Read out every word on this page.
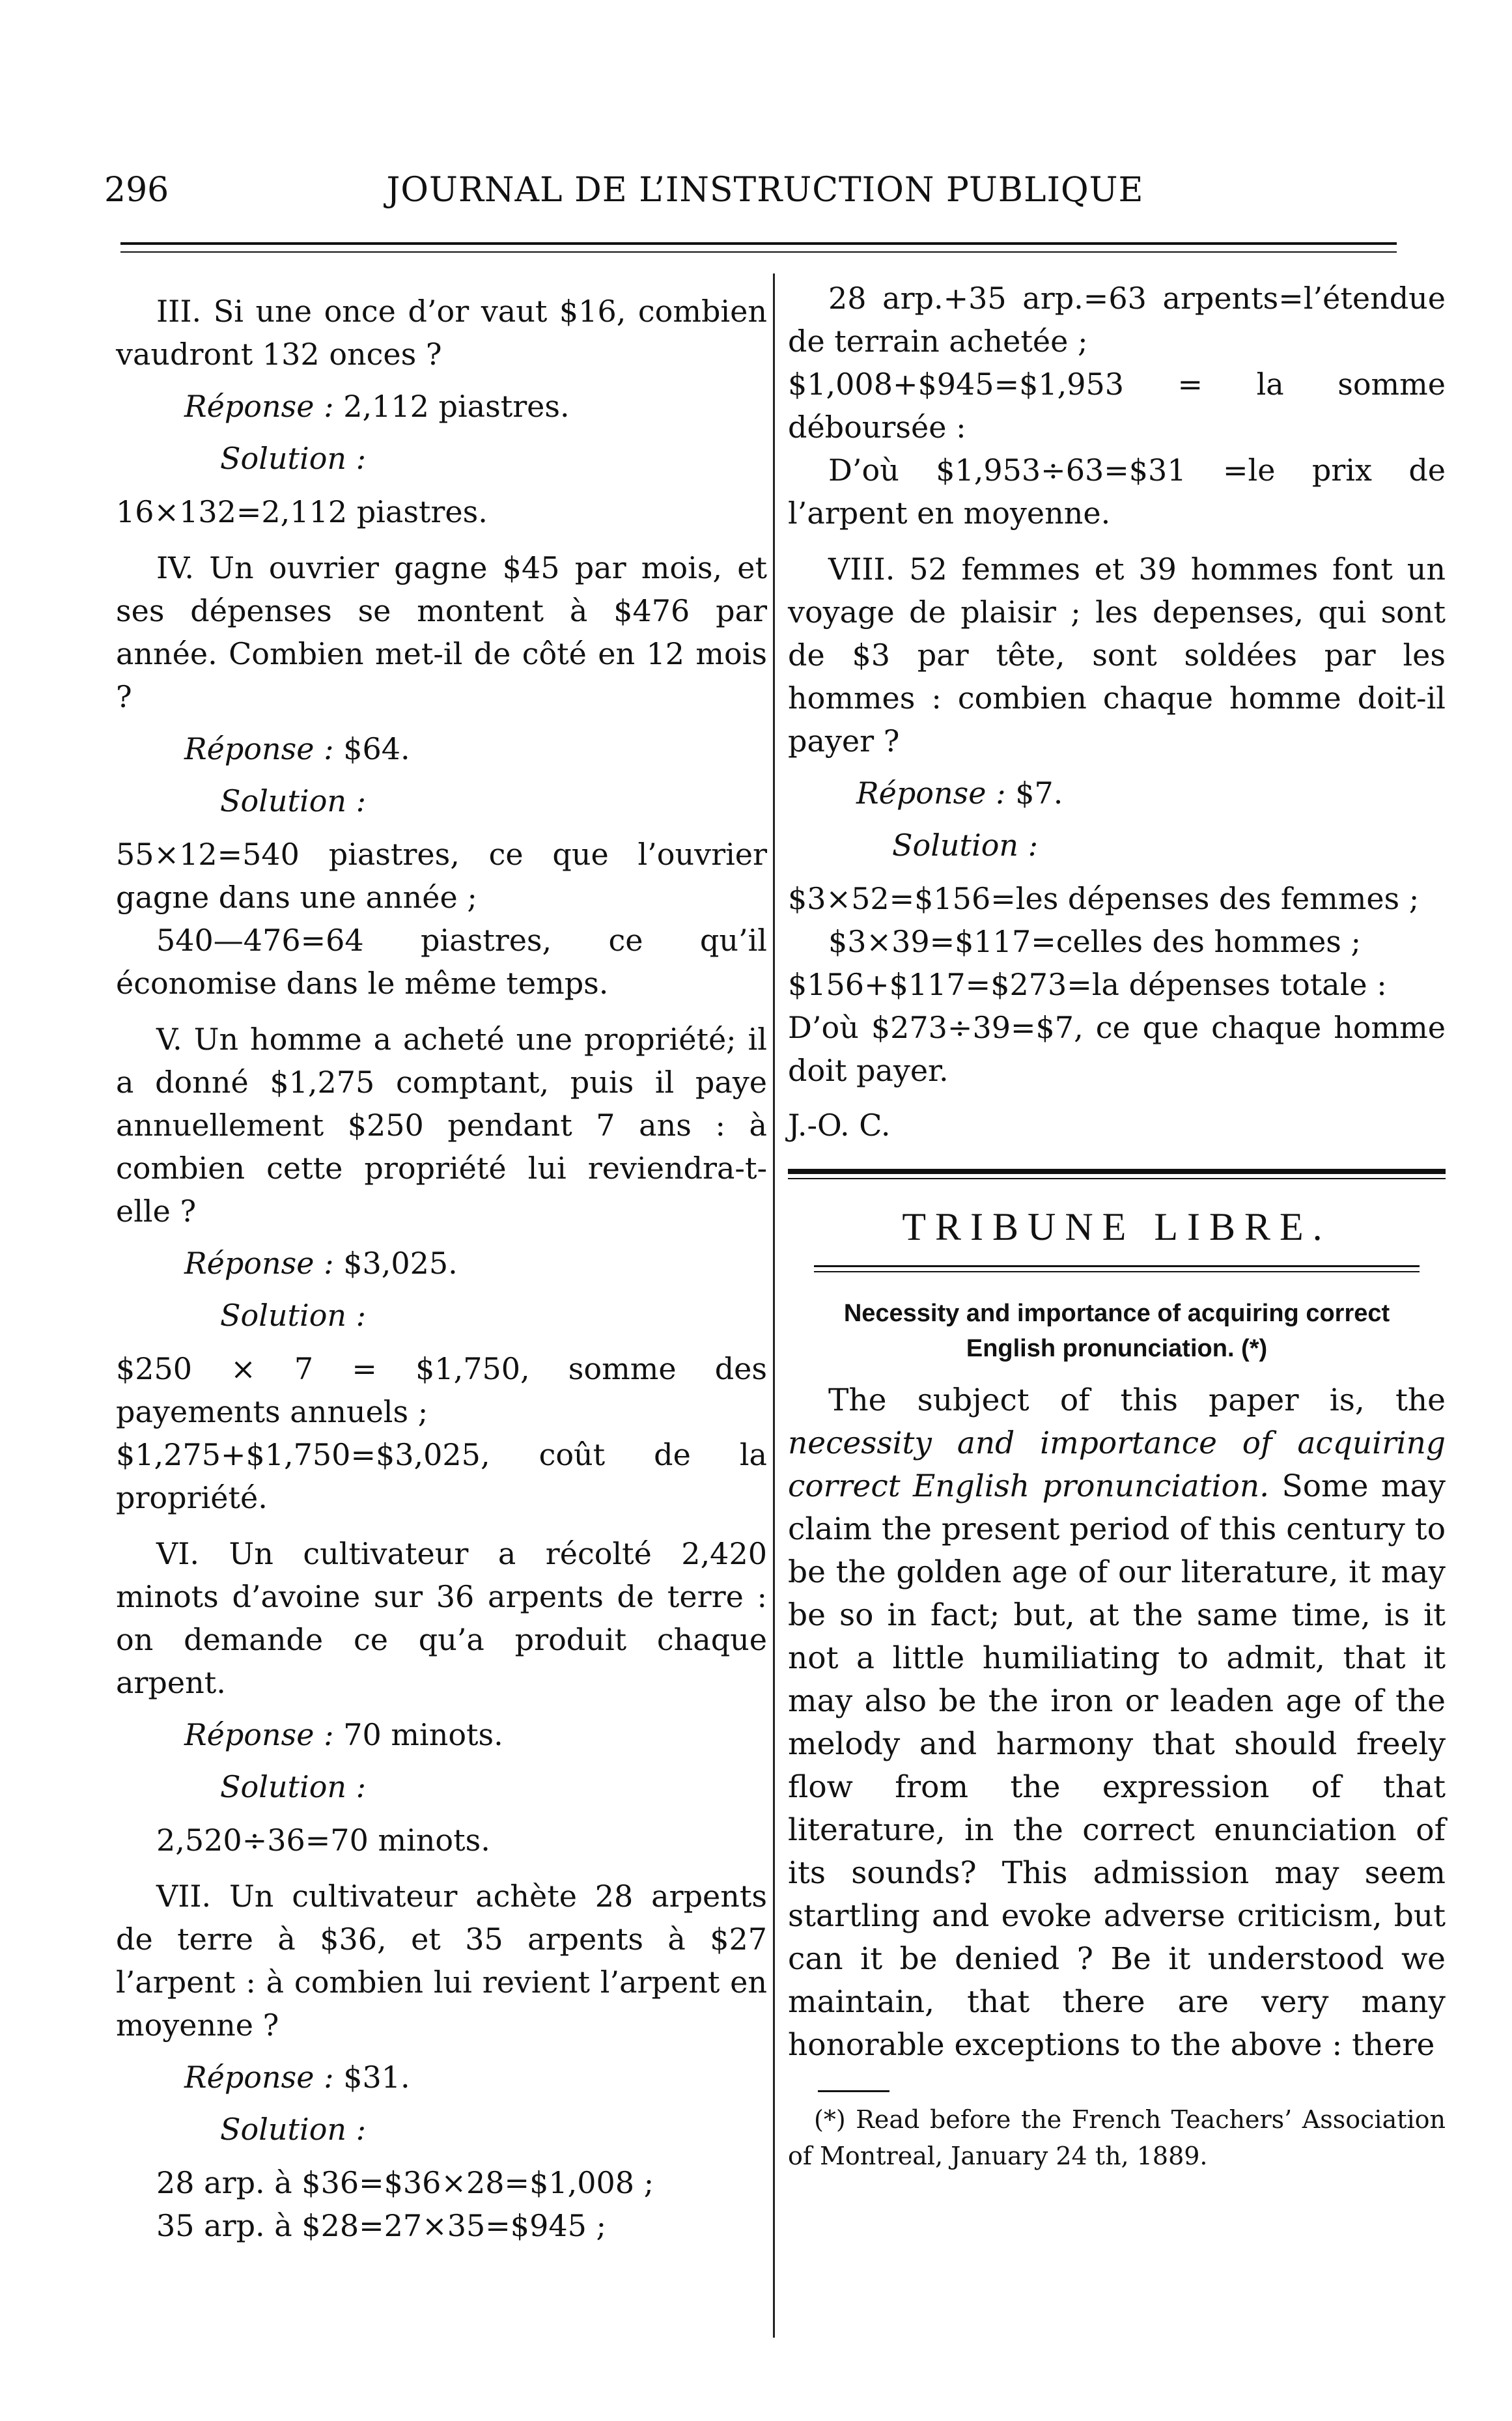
296	JOURNAL DE L’INSTRUCTION PUBLIQUE

III. Si une once d’or vaut $16, combien vaudront 132 onces ?

Réponse : 2,112 piastres.

Solution :

16×132=2,112 piastres.

IV. Un ouvrier gagne $45 par mois, et ses dépenses se montent à $476 par année. Combien met-il de côté en 12 mois ?

Réponse : $64.

Solution :

55×12=540 piastres, ce que l’ouvrier gagne dans une année ;

540—476=64 piastres, ce qu’il économise dans le même temps.

V. Un homme a acheté une propriété; il a donné $1,275 comptant, puis il paye annuellement $250 pendant 7 ans : à combien cette propriété lui reviendra-t-elle ?

Réponse : $3,025.

Solution :

$250 × 7 = $1,750, somme des payements annuels ;

$1,275+$1,750=$3,025, coût de la propriété.

VI. Un cultivateur a récolté 2,420 minots d’avoine sur 36 arpents de terre : on demande ce qu’a produit chaque arpent.

Réponse : 70 minots.

Solution :

2,520÷36=70 minots.

VII. Un cultivateur achète 28 arpents de terre à $36, et 35 arpents à $27 l’arpent : à combien lui revient l’arpent en moyenne ?

Réponse : $31.

Solution :

28 arp. à $36=$36×28=$1,008 ;

35 arp. à $28=27×35=$945 ;

28 arp.+35 arp.=63 arpents=l’étendue de terrain achetée ;

$1,008+$945=$1,953 = la somme déboursée :

D’où $1,953÷63=$31 =le prix de l’arpent en moyenne.

VIII. 52 femmes et 39 hommes font un voyage de plaisir ; les depenses, qui sont de $3 par tête, sont soldées par les hommes : combien chaque homme doit-il payer ?

Réponse : $7.

Solution :

$3×52=$156=les dépenses des femmes ;

$3×39=$117=celles des hommes ;

$156+$117=$273=la dépenses totale :

D’où $273÷39=$7, ce que chaque homme doit payer.

J.-O. C.

TRIBUNE LIBRE.

Necessity and importance of acquiring correct
English pronunciation. (*)

The subject of this paper is, the necessity and importance of acquiring correct English pronunciation. Some may claim the present period of this century to be the golden age of our literature, it may be so in fact; but, at the same time, is it not a little humiliating to admit, that it may also be the iron or leaden age of the melody and harmony that should freely flow from the expression of that literature, in the correct enunciation of its sounds? This admission may seem startling and evoke adverse criticism, but can it be denied ? Be it understood we maintain, that there are very many honorable exceptions to the above : there

(*) Read before the French Teachers’ Association of Montreal, January 24 th, 1889.
